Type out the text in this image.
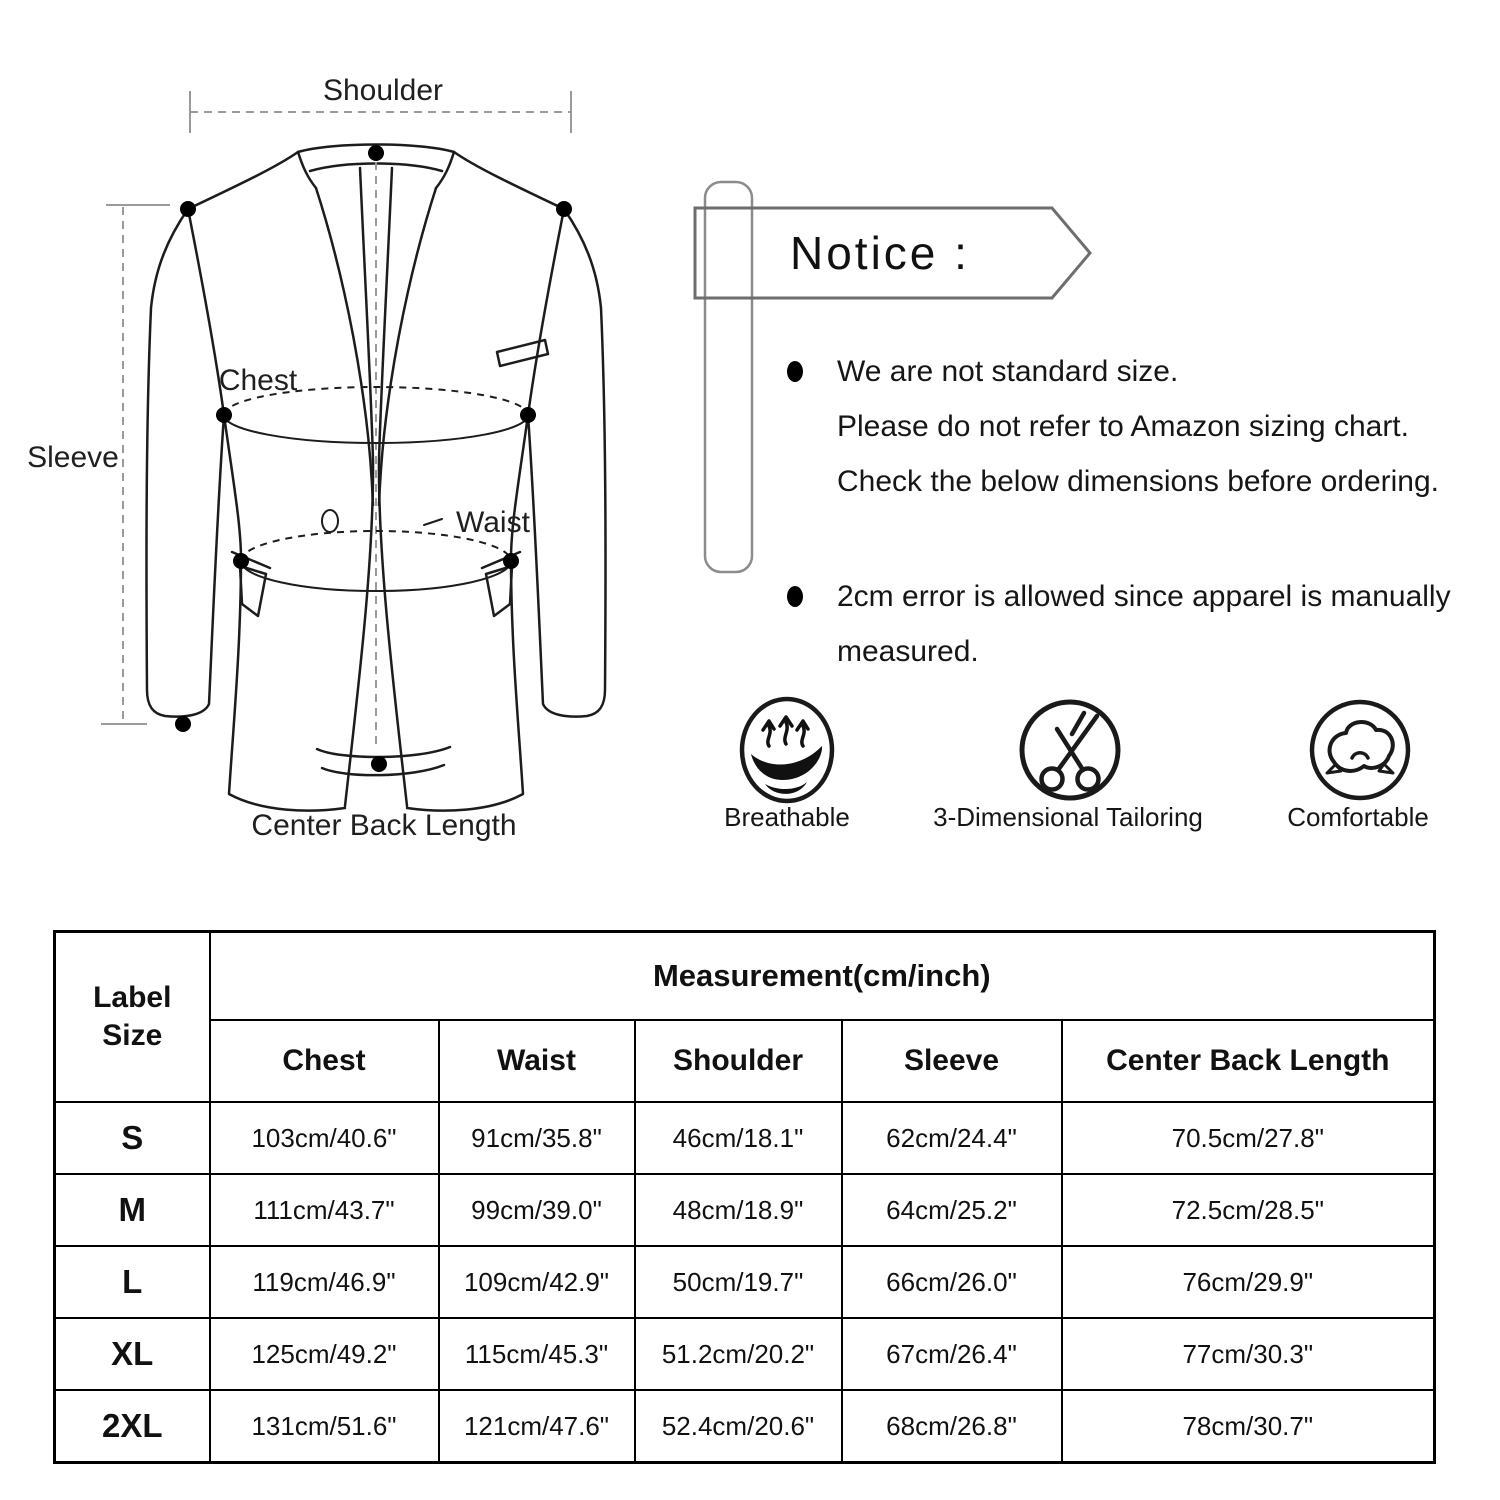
Shoulder
Sleeve
Chest
Waist
Center Back Length
Notice :
We are not standard size.
Please do not refer to Amazon sizing chart.
Check the below dimensions before ordering.
2cm error is allowed since apparel is manually
measured.
Breathable	3-Dimensional Tailoring	Comfortable
Label
Size	Measurement(cm/inch)				
	Chest	Waist	Shoulder	Sleeve	Center Back Length
S	103cm/40.6"	91cm/35.8"	46cm/18.1"	62cm/24.4"	70.5cm/27.8"
M	111cm/43.7"	99cm/39.0"	48cm/18.9"	64cm/25.2"	72.5cm/28.5"
L	119cm/46.9"	109cm/42.9"	50cm/19.7"	66cm/26.0"	76cm/29.9"
XL	125cm/49.2"	115cm/45.3"	51.2cm/20.2"	67cm/26.4"	77cm/30.3"
2XL	131cm/51.6"	121cm/47.6"	52.4cm/20.6"	68cm/26.8"	78cm/30.7"
